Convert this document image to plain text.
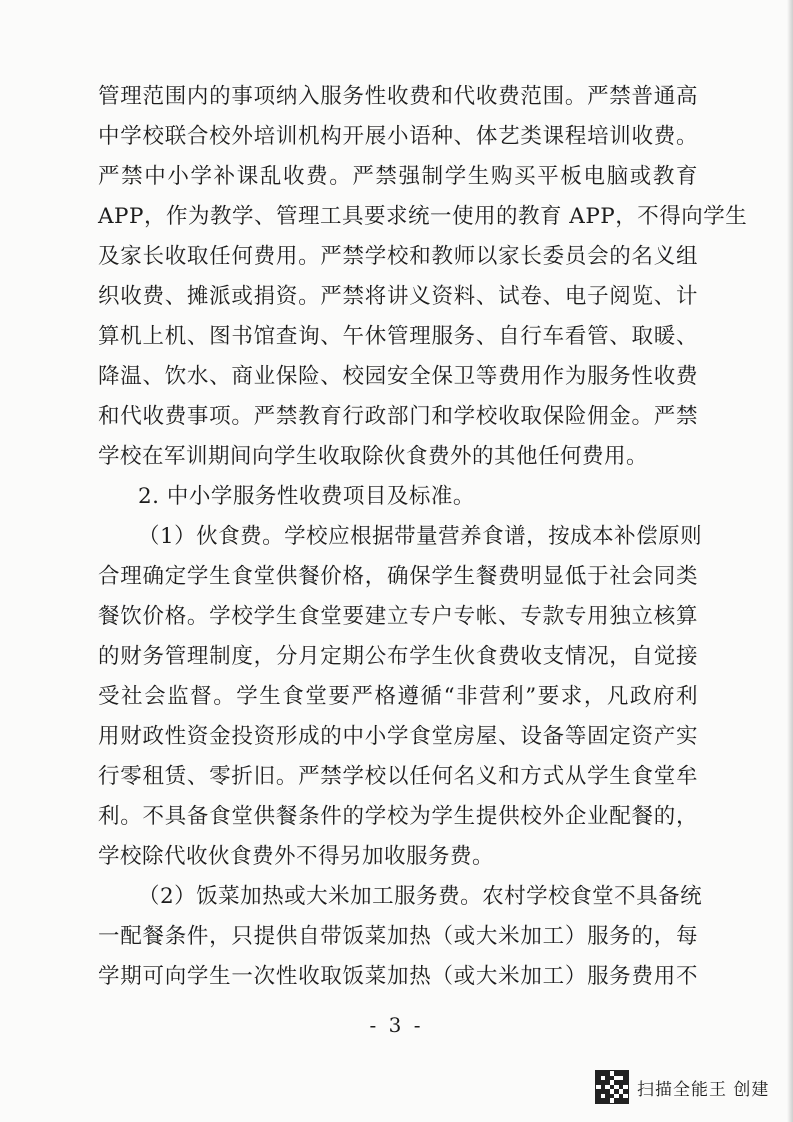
管理范围内的事项纳入服务性收费和代收费范围。严禁普通高
中学校联合校外培训机构开展小语种、体艺类课程培训收费。
严禁中小学补课乱收费。严禁强制学生购买平板电脑或教育
APP，作为教学、管理工具要求统一使用的教育 APP，不得向学生
及家长收取任何费用。严禁学校和教师以家长委员会的名义组
织收费、摊派或捐资。严禁将讲义资料、试卷、电子阅览、计
算机上机、图书馆查询、午休管理服务、自行车看管、取暖、
降温、饮水、商业保险、校园安全保卫等费用作为服务性收费
和代收费事项。严禁教育行政部门和学校收取保险佣金。严禁
学校在军训期间向学生收取除伙食费外的其他任何费用。
2. 中小学服务性收费项目及标准。
（1）伙食费。学校应根据带量营养食谱，按成本补偿原则
合理确定学生食堂供餐价格，确保学生餐费明显低于社会同类
餐饮价格。学校学生食堂要建立专户专帐、专款专用独立核算
的财务管理制度，分月定期公布学生伙食费收支情况，自觉接
受社会监督。学生食堂要严格遵循“非营利”要求，凡政府利
用财政性资金投资形成的中小学食堂房屋、设备等固定资产实
行零租赁、零折旧。严禁学校以任何名义和方式从学生食堂牟
利。不具备食堂供餐条件的学校为学生提供校外企业配餐的，
学校除代收伙食费外不得另加收服务费。
（2）饭菜加热或大米加工服务费。农村学校食堂不具备统
一配餐条件，只提供自带饭菜加热（或大米加工）服务的，每
学期可向学生一次性收取饭菜加热（或大米加工）服务费用不
- 3 -
扫描全能王 创建
